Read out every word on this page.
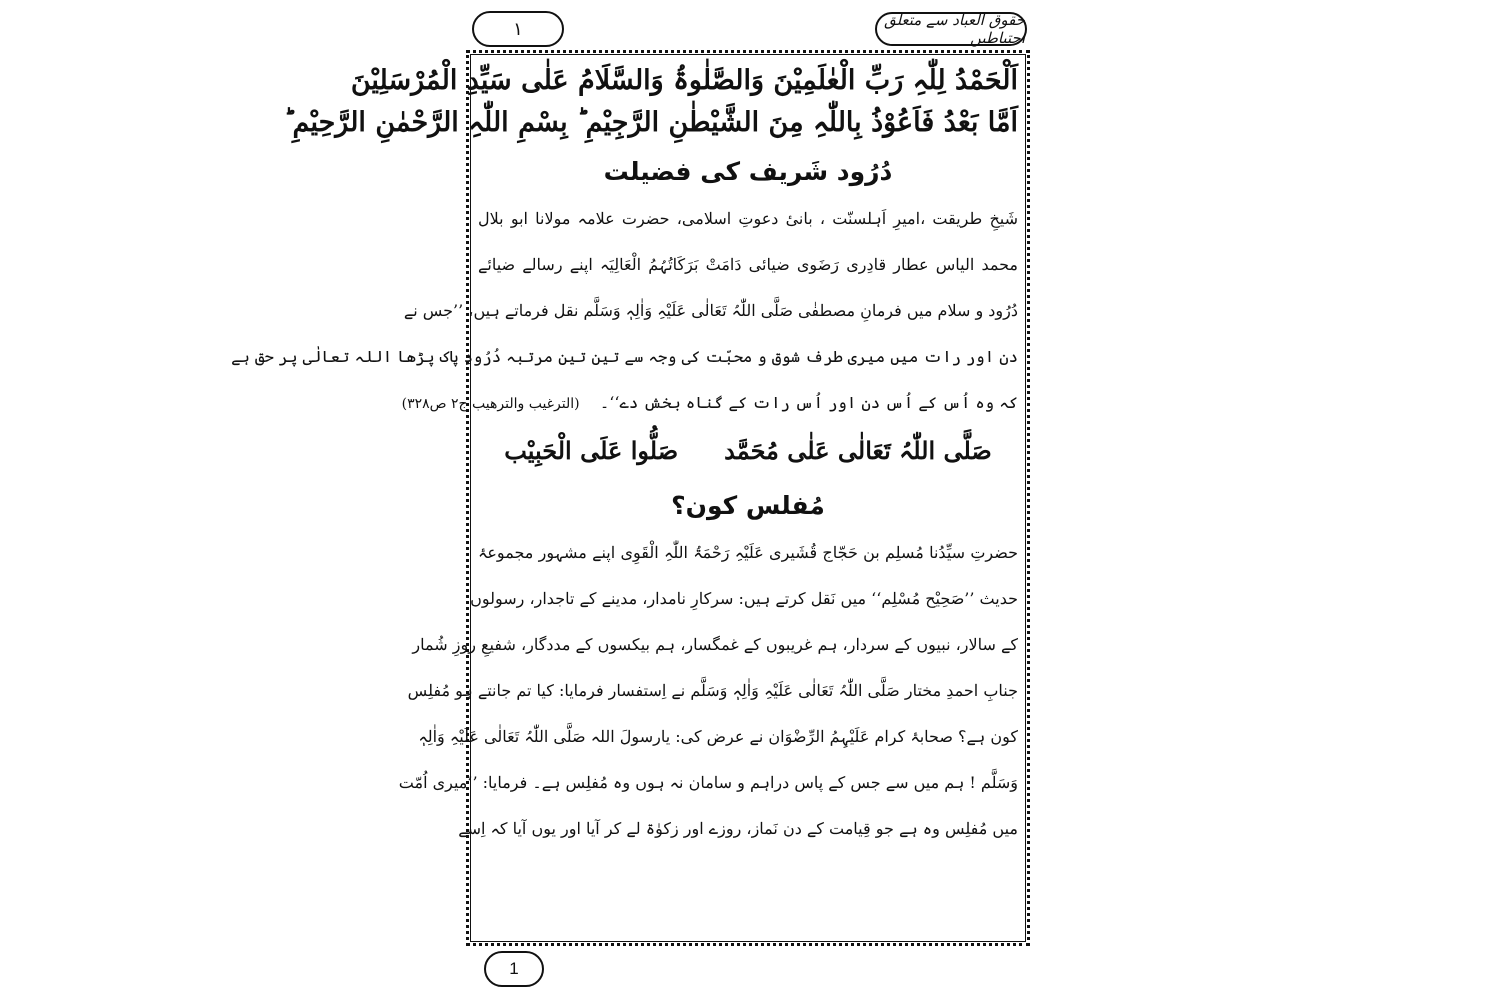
١	حقوق العباد سے متعلق احتیاطیں
اَلْحَمْدُ لِلّٰہِ رَبِّ الْعٰلَمِیْنَ وَالصَّلٰوۃُ وَالسَّلَامُ عَلٰی سَیِّدِ الْمُرْسَلِیْنَ
اَمَّا بَعْدُ فَاَعُوْذُ بِاللّٰہِ مِنَ الشَّیْطٰنِ الرَّجِیْمِ ؕ بِسْمِ اللّٰہِ الرَّحْمٰنِ الرَّحِیْمِ ؕ
دُرُود شَریف کی فضیلت
شَیخِ طریقت ،امیرِ اَہلسنّت ، بانیٔ دعوتِ اسلامی، حضرت علامہ مولانا ابو بلال
محمد الیاس عطار قادِری رَضَوی ضیائی دَامَتْ بَرَکَاتُہُمُ الْعَالِیَہ اپنے رسالے ضیائے
دُرُود و سلام میں فرمانِ مصطفٰی صَلَّی اللّٰہُ تَعَالٰی عَلَیْہِ وَاٰلِہٖ وَسَلَّم نقل فرماتے ہیں، ’’جس نے
دن اور رات میں میری طرف شوق و محبّت کی وجہ سے تین تین مرتبہ دُرُودِ پاک پڑھا اللہ تعالٰی پر حق ہے
کہ وہ اُس کے اُس دن اور اُس رات کے گناہ بخش دے‘‘۔    (الترغیب والترھیب ج۲ ص۳۲۸)
صَلَّی اللّٰہُ تَعَالٰی عَلٰی مُحَمَّد
صَلُّوا عَلَی الْحَبِیْب
مُفلس کون؟
حضرتِ سیِّدُنا مُسلِم بن حَجّاج قُشَیری عَلَیْہِ رَحْمَۃُ اللّٰہِ الْقَوِی اپنے مشہور مجموعۂ
حدیث ’’صَحِیْح مُسْلِم‘‘ میں نَقل کرتے ہیں: سرکارِ نامدار، مدینے کے تاجدار، رسولوں
کے سالار، نبیوں کے سردار، ہم غریبوں کے غمگسار، ہم بیکسوں کے مددگار، شفیعِ روزِ شُمار
جنابِ احمدِ مختار صَلَّی اللّٰہُ تَعَالٰی عَلَیْہِ وَاٰلِہٖ وَسَلَّم نے اِستفسار فرمایا: کیا تم جانتے ہو مُفلِس
کون ہے؟ صحابۂ کرام عَلَیْہِمُ الرِّضْوَان نے عرض کی: یارسولَ اللہ صَلَّی اللّٰہُ تَعَالٰی عَلَیْہِ وَاٰلِہٖ
وَسَلَّم ! ہم میں سے جس کے پاس دراہم و سامان نہ ہوں وہ مُفلِس ہے۔ فرمایا: ’’میری اُمّت
میں مُفلِس وہ ہے جو قِیامت کے دن نَماز، روزے اور زکوٰۃ لے کر آیا اور یوں آیا کہ اِسے
1
